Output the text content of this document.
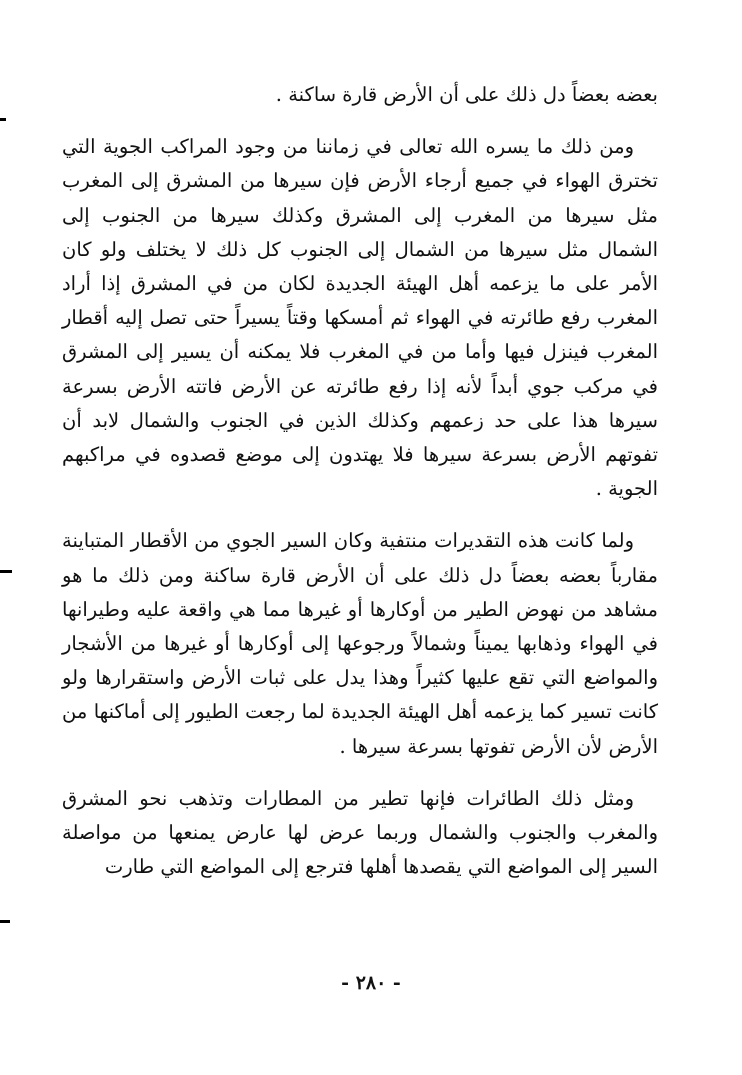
بعضه بعضاً دل ذلك على أن الأرض قارة ساكنة .

ومن ذلك ما يسره الله تعالى في زماننا من وجود المراكب الجوية التي تخترق الهواء في جميع أرجاء الأرض فإن سيرها من المشرق إلى المغرب مثل سيرها من المغرب إلى المشرق وكذلك سيرها من الجنوب إلى الشمال مثل سيرها من الشمال إلى الجنوب كل ذلك لا يختلف ولو كان الأمر على ما يزعمه أهل الهيئة الجديدة لكان من في المشرق إذا أراد المغرب رفع طائرته في الهواء ثم أمسكها وقتاً يسيراً حتى تصل إليه أقطار المغرب فينزل فيها وأما من في المغرب فلا يمكنه أن يسير إلى المشرق في مركب جوي أبداً لأنه إذا رفع طائرته عن الأرض فاتته الأرض بسرعة سيرها هذا على حد زعمهم وكذلك الذين في الجنوب والشمال لابد أن تفوتهم الأرض بسرعة سيرها فلا يهتدون إلى موضع قصدوه في مراكبهم الجوية .

ولما كانت هذه التقديرات منتفية وكان السير الجوي من الأقطار المتباينة مقارباً بعضه بعضاً دل ذلك على أن الأرض قارة ساكنة ومن ذلك ما هو مشاهد من نهوض الطير من أوكارها أو غيرها مما هي واقعة عليه وطيرانها في الهواء وذهابها يميناً وشمالاً ورجوعها إلى أوكارها أو غيرها من الأشجار والمواضع التي تقع عليها كثيراً وهذا يدل على ثبات الأرض واستقرارها ولو كانت تسير كما يزعمه أهل الهيئة الجديدة لما رجعت الطيور إلى أماكنها من الأرض لأن الأرض تفوتها بسرعة سيرها .

ومثل ذلك الطائرات فإنها تطير من المطارات وتذهب نحو المشرق والمغرب والجنوب والشمال وربما عرض لها عارض يمنعها من مواصلة السير إلى المواضع التي يقصدها أهلها فترجع إلى المواضع التي طارت

- ٢٨٠ -
